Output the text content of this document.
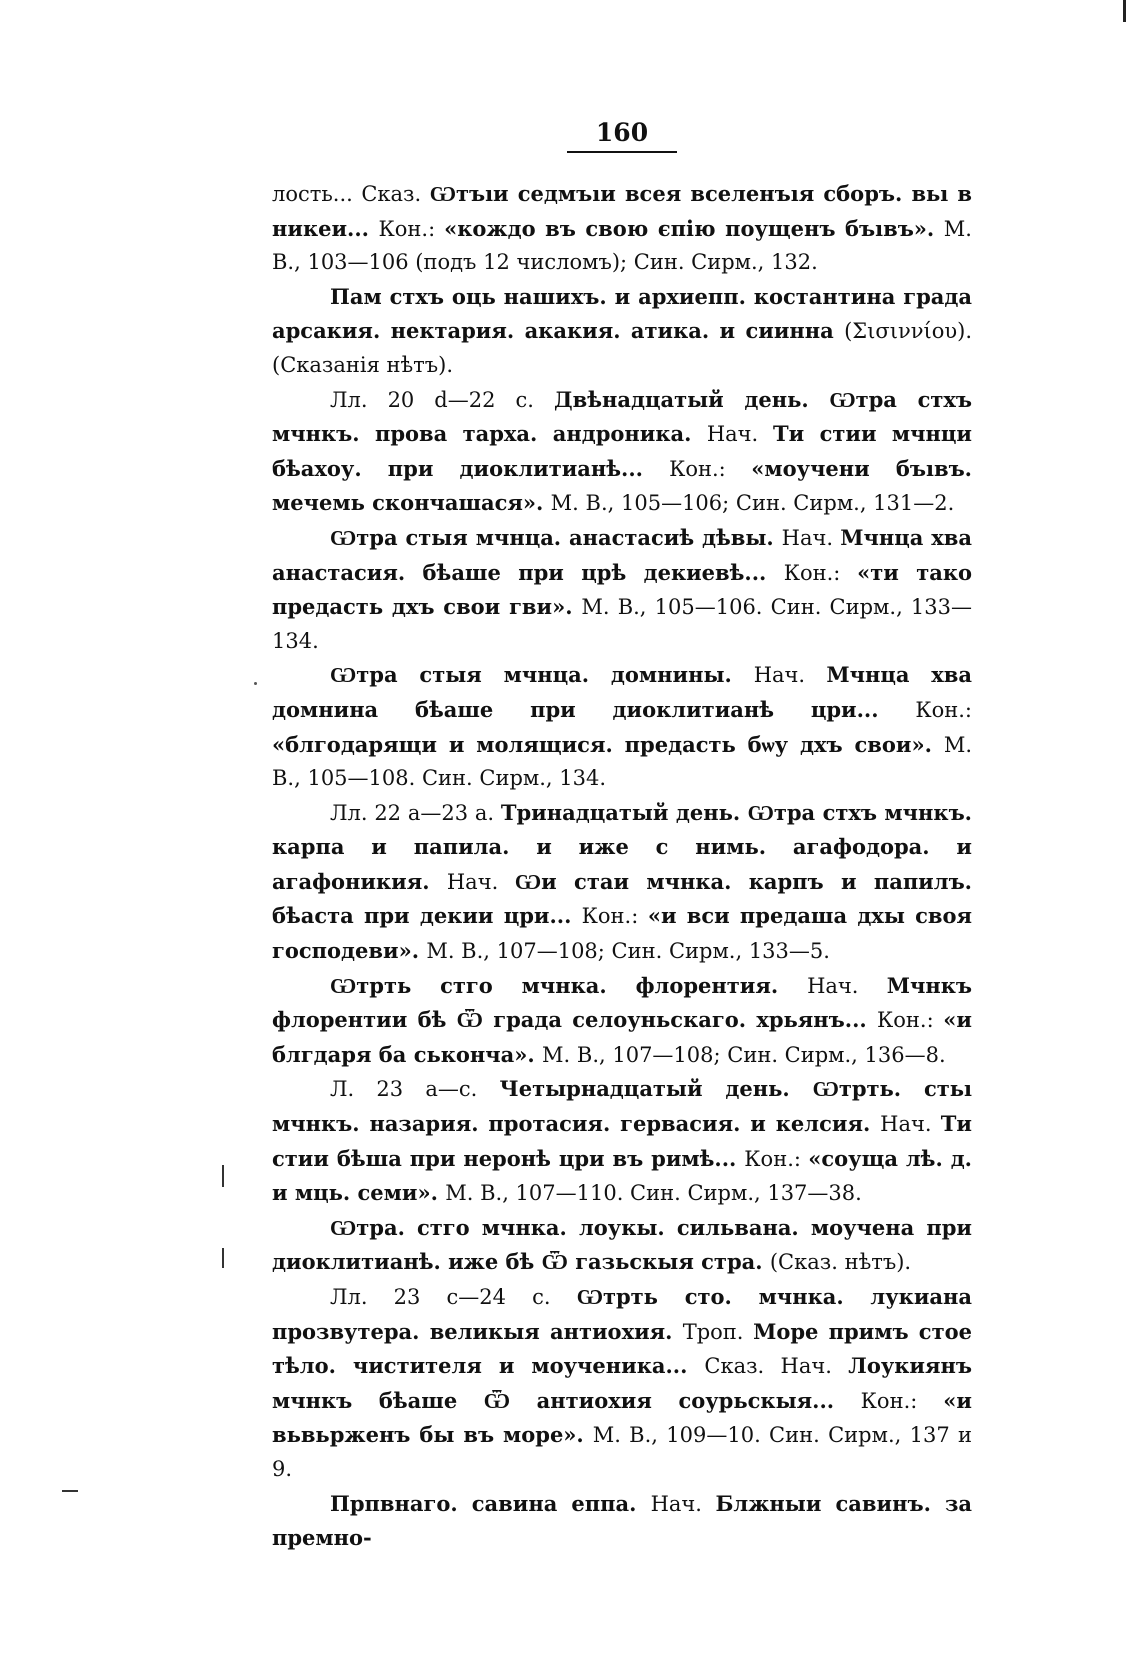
160

лость... Сказ. Ѡтъıи седмъıи всея вселенъıя сборъ. вьı в никеи... Кон.: «кождо въ свою єпію поущенъ бъıвъ». М. В., 103—106 (подъ 12 числомъ); Син. Сирм., 132.

Пам стхъ оць нашихъ. и архиепп. костантина града арсакия. нектария. акакия. атика. и сиинна (Σισιννίου). (Сказанія нѣтъ).

Лл. 20 d—22 c. Двѣнадцатый день. Ѡтра стхъ мчнкъ. прова тарха. андроника. Нач. Ти стии мчнци бѣахоу. при диоклитианѣ... Кон.: «моучени бъıвъ. мечемь скончашася». М. В., 105—106; Син. Сирм., 131—2.

Ѡтра стыя мчнца. анастасиѣ дѣвы. Нач. Мчнца хва анастасия. бѣаше при црѣ декиевѣ... Кон.: «ти тако предасть дхъ свои гви». М. В., 105—106. Син. Сирм., 133—134.

Ѡтра стыя мчнца. домнины. Нач. Мчнца хва домнина бѣаше при диоклитианѣ цри... Кон.: «блгодарящи и молящися. предасть бѡу дхъ свои». М. В., 105—108. Син. Сирм., 134.

Лл. 22 а—23 а. Тринадцатый день. Ѡтра стхъ мчнкъ. карпа и папила. и иже с нимь. агафодора. и агафоникия. Нач. Ѡи стаи мчнка. карпъ и папилъ. бѣаста при декии цри... Кон.: «и вси предаша дхы своя господеви». М. В., 107—108; Син. Сирм., 133—5.

Ѡтрть стго мчнка. флорентия. Нач. Мчнкъ флорентии бѣ Ѿ града селоуньскаго. хрьянъ... Кон.: «и блгдаря ба ськонча». М. В., 107—108; Син. Сирм., 136—8.

Л. 23 а—с. Четырнадцатый день. Ѡтрть. стьı мчнкъ. назария. протасия. гервасия. и келсия. Нач. Ти стии бѣша при неронѣ цри въ римѣ... Кон.: «соуща лѣ. д. и мць. семи». М. В., 107—110. Син. Сирм., 137—38.

Ѡтра. стго мчнка. лоукы. сильвана. моучена при диоклитианѣ. иже бѣ Ѿ газьскыя стра. (Сказ. нѣтъ).

Лл. 23 с—24 с. Ѡтрть сто. мчнка. лукиана прозвутера. великыя антиохия. Троп. Море примъ стое тѣло. чистителя и моученика... Сказ. Нач. Лоукиянъ мчнкъ бѣаше Ѿ антиохия соурьскыя... Кон.: «и вьвьрженъ бы въ море». М. В., 109—10. Син. Сирм., 137 и 9.

Прпвнаго. савина еппа. Нач. Блжныи савинъ. за премно-
